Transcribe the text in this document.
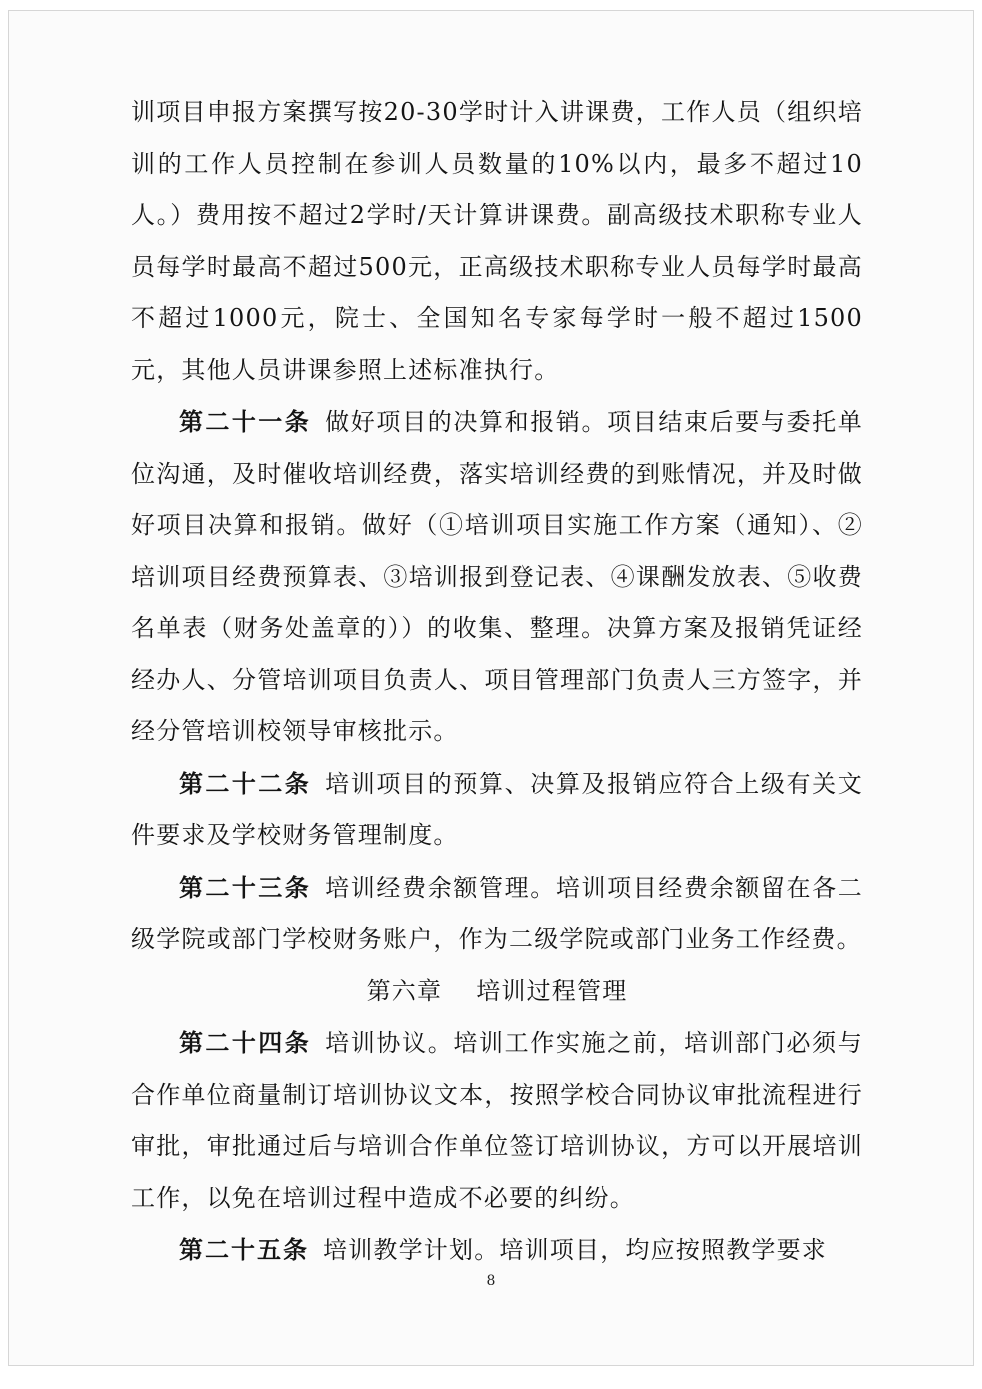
训项目申报方案撰写按20-30学时计入讲课费，工作人员（组织培训的工作人员控制在参训人员数量的10%以内，最多不超过10人。）费用按不超过2学时/天计算讲课费。副高级技术职称专业人员每学时最高不超过500元，正高级技术职称专业人员每学时最高不超过1000元，院士、全国知名专家每学时一般不超过1500元，其他人员讲课参照上述标准执行。

第二十一条 做好项目的决算和报销。项目结束后要与委托单位沟通，及时催收培训经费，落实培训经费的到账情况，并及时做好项目决算和报销。做好（①培训项目实施工作方案（通知）、②培训项目经费预算表、③培训报到登记表、④课酬发放表、⑤收费名单表（财务处盖章的））的收集、整理。决算方案及报销凭证经经办人、分管培训项目负责人、项目管理部门负责人三方签字，并经分管培训校领导审核批示。

第二十二条 培训项目的预算、决算及报销应符合上级有关文件要求及学校财务管理制度。

第二十三条 培训经费余额管理。培训项目经费余额留在各二级学院或部门学校财务账户，作为二级学院或部门业务工作经费。

第六章 培训过程管理

第二十四条 培训协议。培训工作实施之前，培训部门必须与合作单位商量制订培训协议文本，按照学校合同协议审批流程进行审批，审批通过后与培训合作单位签订培训协议，方可以开展培训工作，以免在培训过程中造成不必要的纠纷。

第二十五条 培训教学计划。培训项目，均应按照教学要求

8
